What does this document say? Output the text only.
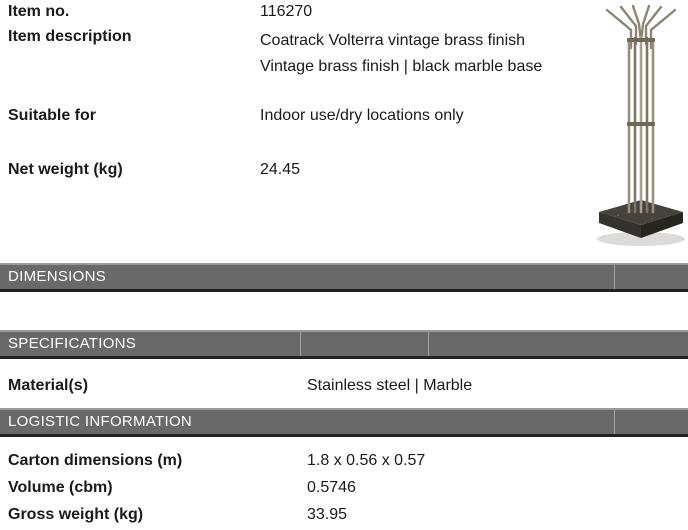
Item no.	116270
Item description	Coatrack Volterra vintage brass finish
Vintage brass finish | black marble base
Suitable for	Indoor use/dry locations only
Net weight (kg)	24.45
DIMENSIONS
SPECIFICATIONS
Material(s)	Stainless steel | Marble
LOGISTIC INFORMATION
Carton dimensions (m)	1.8 x 0.56 x 0.57
Volume (cbm)	0.5746
Gross weight (kg)	33.95
